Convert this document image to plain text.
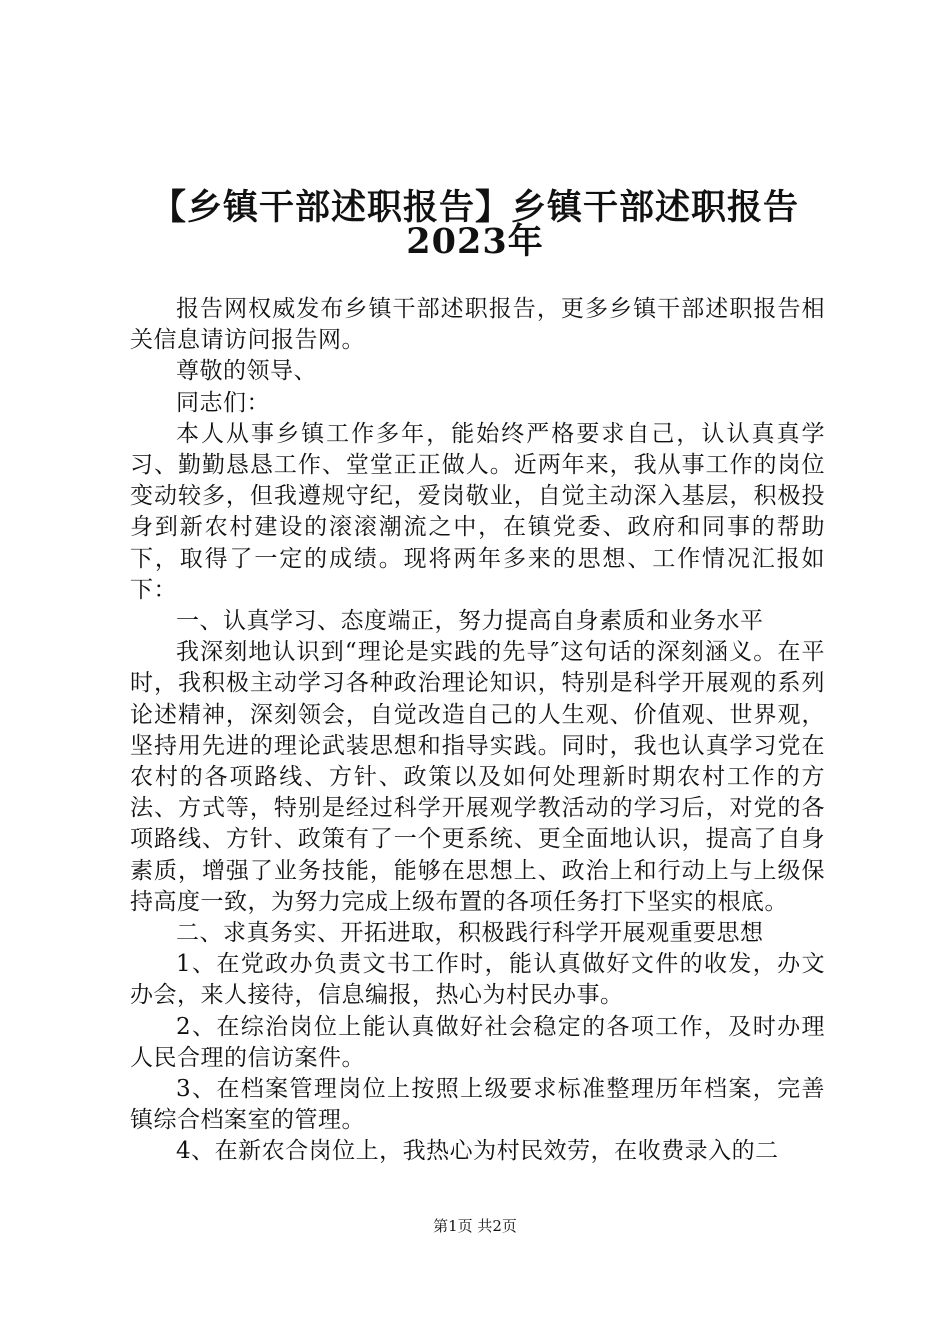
【乡镇干部述职报告】乡镇干部述职报告
2023年

报告网权威发布乡镇干部述职报告，更多乡镇干部述职报告相关信息请访问报告网。

尊敬的领导、

同志们：

本人从事乡镇工作多年，能始终严格要求自己，认认真真学习、勤勤恳恳工作、堂堂正正做人。近两年来，我从事工作的岗位变动较多，但我遵规守纪，爱岗敬业，自觉主动深入基层，积极投身到新农村建设的滚滚潮流之中，在镇党委、政府和同事的帮助下，取得了一定的成绩。现将两年多来的思想、工作情况汇报如下：

一、认真学习、态度端正，努力提高自身素质和业务水平

我深刻地认识到“理论是实践的先导″这句话的深刻涵义。在平时，我积极主动学习各种政治理论知识，特别是科学开展观的系列论述精神，深刻领会，自觉改造自己的人生观、价值观、世界观，坚持用先进的理论武装思想和指导实践。同时，我也认真学习党在农村的各项路线、方针、政策以及如何处理新时期农村工作的方法、方式等，特别是经过科学开展观学教活动的学习后，对党的各项路线、方针、政策有了一个更系统、更全面地认识，提高了自身素质，增强了业务技能，能够在思想上、政治上和行动上与上级保持高度一致，为努力完成上级布置的各项任务打下坚实的根底。

二、求真务实、开拓进取，积极践行科学开展观重要思想

1、在党政办负责文书工作时，能认真做好文件的收发，办文办会，来人接待，信息编报，热心为村民办事。

2、在综治岗位上能认真做好社会稳定的各项工作，及时办理人民合理的信访案件。

3、在档案管理岗位上按照上级要求标准整理历年档案，完善镇综合档案室的管理。

4、在新农合岗位上，我热心为村民效劳，在收费录入的二

第1页 共2页
